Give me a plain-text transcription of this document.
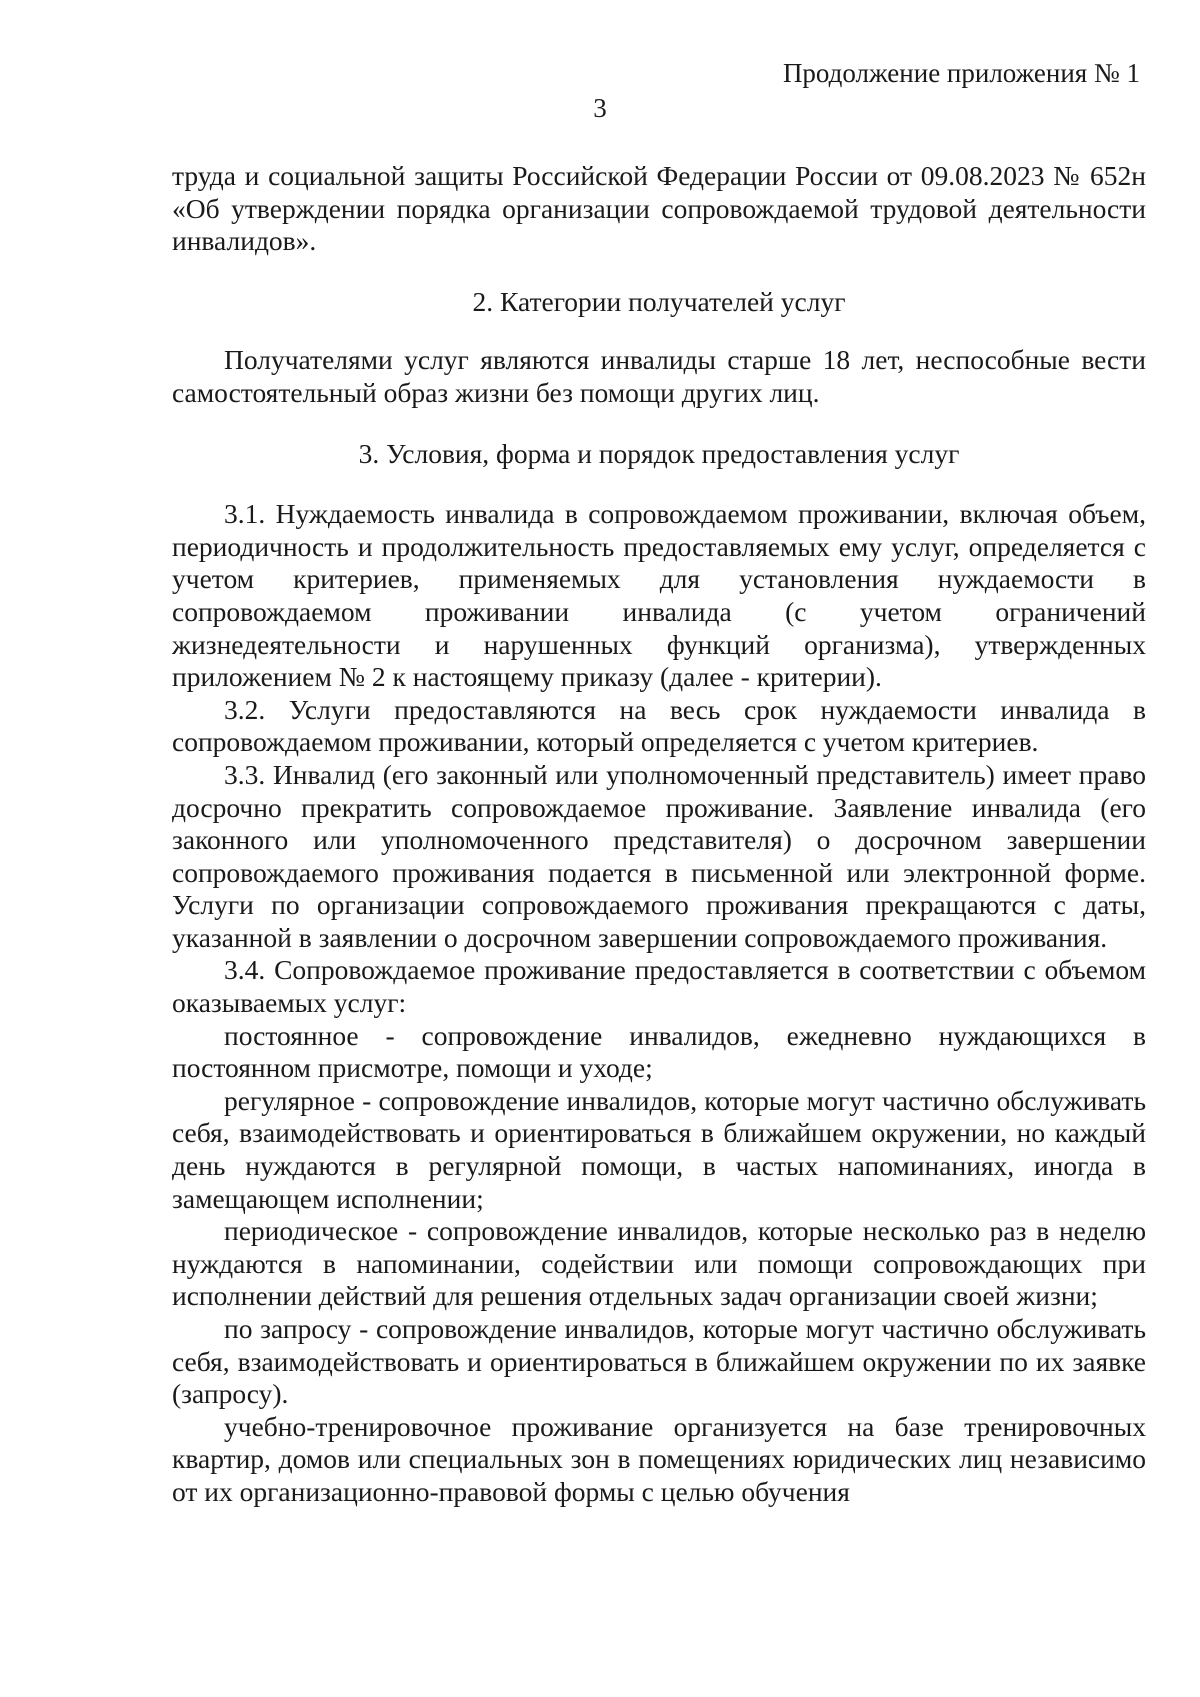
Продолжение приложения № 1
3

труда и социальной защиты Российской Федерации России от 09.08.2023 № 652н «Об утверждении порядка организации сопровождаемой трудовой деятельности инвалидов».

2. Категории получателей услуг

Получателями услуг являются инвалиды старше 18 лет, неспособные вести самостоятельный образ жизни без помощи других лиц.

3. Условия, форма и порядок предоставления услуг

3.1. Нуждаемость инвалида в сопровождаемом проживании, включая объем, периодичность и продолжительность предоставляемых ему услуг, определяется с учетом критериев, применяемых для установления нуждаемости в сопровождаемом проживании инвалида (с учетом ограничений жизнедеятельности и нарушенных функций организма), утвержденных приложением № 2 к настоящему приказу (далее - критерии).

3.2. Услуги предоставляются на весь срок нуждаемости инвалида в сопровождаемом проживании, который определяется с учетом критериев.

3.3. Инвалид (его законный или уполномоченный представитель) имеет право досрочно прекратить сопровождаемое проживание. Заявление инвалида (его законного или уполномоченного представителя) о досрочном завершении сопровождаемого проживания подается в письменной или электронной форме. Услуги по организации сопровождаемого проживания прекращаются с даты, указанной в заявлении о досрочном завершении сопровождаемого проживания.

3.4. Сопровождаемое проживание предоставляется в соответствии с объемом оказываемых услуг:

постоянное - сопровождение инвалидов, ежедневно нуждающихся в постоянном присмотре, помощи и уходе;

регулярное - сопровождение инвалидов, которые могут частично обслуживать себя, взаимодействовать и ориентироваться в ближайшем окружении, но каждый день нуждаются в регулярной помощи, в частых напоминаниях, иногда в замещающем исполнении;

периодическое - сопровождение инвалидов, которые несколько раз в неделю нуждаются в напоминании, содействии или помощи сопровождающих при исполнении действий для решения отдельных задач организации своей жизни;

по запросу - сопровождение инвалидов, которые могут частично обслуживать себя, взаимодействовать и ориентироваться в ближайшем окружении по их заявке (запросу).

учебно-тренировочное проживание организуется на базе тренировочных квартир, домов или специальных зон в помещениях юридических лиц независимо от их организационно-правовой формы с целью обучения
